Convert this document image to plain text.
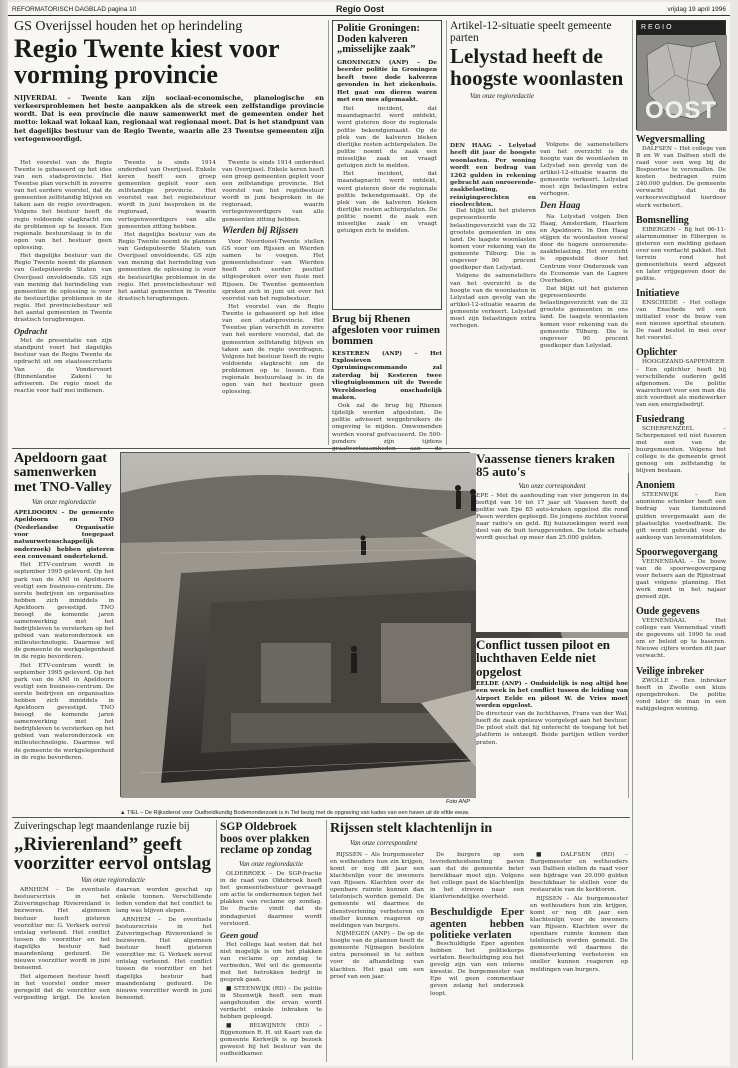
REFORMATORISCH DAGBLAD pagina 10	Regio Oost	vrijdag 19 april 1996
GS Overijssel houden het op herindeling
Regio Twente kiest voor vorming provincie
NIJVERDAL – Twente kan zijn sociaal-economische, planologische en verkeersproblemen het beste aanpakken als de streek een zelfstandige provincie wordt. Dat is een provincie die nauw samenwerkt met de gemeenten onder het motto: lokaal wat lokaal kan, regionaal wat regionaal moet. Dat is het standpunt van het dagelijks bestuur van de Regio Twente, waarin alle 23 Twentse gemeenten zijn vertegenwoordigd.

Het voorstel van de Regio Twente is gebaseerd op het idee van een stadsprovincie. Het Twentse plan verschilt in zoverre van het eerdere voorstel, dat de gemeenten zelfstandig blijven en taken aan de regio overdragen. Volgens het bestuur heeft de regio voldoende slagkracht om de problemen op te lossen. Een regionale bestuurslaag is in de ogen van het bestuur geen oplossing.

Het dagelijks bestuur van de Regio Twente noemt de plannen van Gedeputeerde Staten van Overijssel onvoldoende. GS zijn van mening dat herindeling van gemeenten de oplossing is voor de bestuurlijke problemen in de regio. Het provinciebestuur wil het aantal gemeenten in Twente drastisch terugbrengen.

Opdracht

Met de presentatie van zijn standpunt voert het dagelijks bestuur van de Regio Twente de opdracht uit om staatssecretaris Van de Vondervoort (Binnenlandse Zaken) te adviseren. De regio moet de reactie voor half mei indienen.

Twente is sinds 1914 onderdeel van Overijssel. Enkele keren heeft een groep gemeenten gepleit voor een zelfstandige provincie. Het voorstel van het regiobestuur wordt in juni besproken in de regioraad, waarin vertegenwoordigers van alle gemeenten zitting hebben.

Het dagelijks bestuur van de Regio Twente noemt de plannen van Gedeputeerde Staten van Overijssel onvoldoende. GS zijn van mening dat herindeling van gemeenten de oplossing is voor de bestuurlijke problemen in de regio. Het provinciebestuur wil het aantal gemeenten in Twente drastisch terugbrengen.

Twente is sinds 1914 onderdeel van Overijssel. Enkele keren heeft een groep gemeenten gepleit voor een zelfstandige provincie. Het voorstel van het regiobestuur wordt in juni besproken in de regioraad, waarin vertegenwoordigers van alle gemeenten zitting hebben.

Wierden bij Rijssen

Voor Noordoost-Twente stellen GS voor om Rijssen en Wierden samen te voegen. Het gemeentebestuur van Wierden heeft zich eerder positief uitgesproken over een fusie met Rijssen. De Twentse gemeenten spreken zich in juni uit over het voorstel van het regiobestuur.

Het voorstel van de Regio Twente is gebaseerd op het idee van een stadsprovincie. Het Twentse plan verschilt in zoverre van het eerdere voorstel, dat de gemeenten zelfstandig blijven en taken aan de regio overdragen. Volgens het bestuur heeft de regio voldoende slagkracht om de problemen op te lossen. Een regionale bestuurslaag is in de ogen van het bestuur geen oplossing.

Politie Groningen: Doden kalveren „misselijke zaak”
GRONINGEN (ANP) – De beerder politie in Groningen heeft twee dode kalveren gevonden in het ziekenhuis. Het gaat om dieren waren met een mes afgemaakt.

Het incident, dat maandagnacht werd ontdekt, werd gisteren door de regionale politie bekendgemaakt. Op de plek van de kalveren bleken dierlijke resten achtergelaten. De politie noemt de zaak een misselijke zaak en vraagt getuigen zich te melden.

Het incident, dat maandagnacht werd ontdekt, werd gisteren door de regionale politie bekendgemaakt. Op de plek van de kalveren bleken dierlijke resten achtergelaten. De politie noemt de zaak een misselijke zaak en vraagt getuigen zich te melden.

Brug bij Rhenen afgesloten voor ruimen bommen
KESTEREN (ANP) – Het Explosieven Opruimingscommando zal zaterdag bij Kesteren twee vliegtuigbommen uit de Tweede Wereldoorlog onschadelijk maken.

Ook zal de brug bij Rhenen tijdelijk worden afgesloten. De politie adviseert weggebruikers de omgeving te mijden. Omwonenden worden vooraf geëvacueerd. De 500-ponders zijn tijdens

Artikel-12-situatie speelt gemeente parten
Lelystad heeft de hoogste woonlasten
Van onze regioredactie
DEN HAAG – Lelystad heeft dit jaar de hoogste woonlasten. Per woning wordt een bedrag van 1262 gulden in rekening gebracht aan onroerende-zaakbelasting, reinigingsrechten en rioolrechten.

Dat blijkt uit het gisteren gepresenteerde belastingoverzicht van de 32 grootste gemeenten in ons land. De laagste woonlasten komen voor rekening van de gemeente Tilburg. Die is ongeveer 90 procent goedkoper dan Lelystad.

Volgens de samenstellers van het overzicht is de hoogte van de woonlasten in Lelystad een gevolg van de artikel-12-situatie waarin de gemeente verkeert. Lelystad moet zijn belastingen extra verhogen.

Volgens de samenstellers van het overzicht is de hoogte van de woonlasten in Lelystad een gevolg van de artikel-12-situatie waarin de gemeente verkeert. Lelystad moet zijn belastingen extra verhogen.

Den Haag

Na Lelystad volgen Den Haag, Amsterdam, Haarlem en Apeldoorn. In Den Haag stijgen de woonlasten vooral door de hogere onroerende-zaakbelasting. Het overzicht is opgesteld door het Centrum voor Onderzoek van de Economie van de Lagere Overheden.

Dat blijkt uit het gisteren gepresenteerde belastingoverzicht van de 32 grootste gemeenten in ons land. De laagste woonlasten komen voor rekening van de gemeente Tilburg. Die is ongeveer 90 procent goedkoper dan Lelystad.

REGIO
OOST
Wegversmalling

DALFSEN – Het college van B en W van Dalfsen stelt de raad voor een weg bij de Bospoortse te versmallen. De kosten bedragen ruim 240.000 gulden. De gemeente verwacht dat de verkeersveiligheid hierdoor sterk verbetert.

Bomsnelling

EIBERGEN – Bij het 06-11-alarmnummer in Eibergen is gisteren een melding gedaan over een verdacht pakket. Het terrein rond het gemeentehuis werd afgezet en later vrijgegeven door de politie.

Initiatieve

ENSCHEDE – Het college van Enschede wil een initiatief voor de bouw van een nieuwe sporthal steunen. De raad beslist in mei over het voorstel.

Oplichter

HOOGEZAND-SAPPEMEER – Een oplichter heeft bij verschillende ouderen geld afgenomen. De politie waarschuwt voor een man die zich voordoet als medewerker van een energiebedrijf.

Fusiedrang

SCHERPENZEEL – Scherpenzeel wil niet fuseren met een van de buurgemeenten. Volgens het college is de gemeente groot genoeg om zelfstandig te blijven bestaan.

Anoniem

STEENWIJK – Een anonieme schenker heeft een bedrag van tienduizend gulden overgemaakt aan de plaatselijke voedselbank. De gift wordt gebruikt voor de aankoop van levensmiddelen.

Spoorwegovergang

VEENENDAAL – De bouw van de spoorwegovergang voor fietsers aan de Rijnstraat gaat volgens planning. Het werk moet in het najaar gereed zijn.

Oude gegevens

VEENENDAAL – Het college van Veenendaal vindt de gegevens uit 1990 te oud om er beleid op te baseren. Nieuwe cijfers worden dit jaar verwacht.

Veilige inbreker

ZWOLLE – Een inbreker heeft in Zwolle een kluis opengebroken. De politie vond later de man in een nabijgelegen woning.

Apeldoorn gaat samenwerken met TNO-Valley
Van onze regioredactie
APELDOORN – De gemeente Apeldoorn en TNO (Nederlandse Organisatie voor toegepast natuurwetenschappelijk onderzoek) hebben gisteren een convenant ondertekend.

Het ETV-centrum wordt in september 1995 geleverd. Op het park van de ANI in Apeldoorn vestigt een business-centrum. De eerste bedrijven en organisaties hebben zich inmiddels in Apeldoorn gevestigd. TNO beoogt de komende jaren samenwerking met het bedrijfsleven te versterken op het gebied van wateronderzoek en milieutechnologie. Daarmee wil de gemeente de werkgelegenheid in de regio bevorderen.

Het ETV-centrum wordt in september 1995 geleverd. Op het park van de ANI in Apeldoorn vestigt een business-centrum. De eerste bedrijven en organisaties hebben zich inmiddels in Apeldoorn gevestigd. TNO beoogt de komende jaren samenwerking met het bedrijfsleven te versterken op het gebied van wateronderzoek en milieutechnologie. Daarmee wil de gemeente de werkgelegenheid in de regio bevorderen.

▲ TIEL – De Rijksdienst voor Oudheidkundig Bodemonderzoek is in Tiel bezig met de opgraving van kades van een haven uit de elfde eeuw.
Foto ANP
Zuiveringschap legt maandenlange ruzie bij
„Rivierenland” geeft voorzitter eervol ontslag
Van onze regioredactie

ARNHEM – De eventuele bestuurscrisis in het Zuiveringschap Rivierenland is bezworen. Het algemeen bestuur heeft gisteren voorzitter mr. G. Verkerk eervol ontslag verleend. Het conflict tussen de voorzitter en het dagelijks bestuur had maandenlang geduurd. De nieuwe voorzitter wordt in juni benoemd.

Het algemeen bestuur heeft in het voorstel onder meer geregeld dat de voorzitter een vergoeding krijgt. De kosten daarvan worden geschat op enkele tonnen. Verschillende leden vonden dat het conflict te lang was blijven slepen.

ARNHEM – De eventuele bestuurscrisis in het Zuiveringschap Rivierenland is bezworen. Het algemeen bestuur heeft gisteren voorzitter mr. G. Verkerk eervol ontslag verleend. Het conflict tussen de voorzitter en het dagelijks bestuur had maandenlang geduurd. De nieuwe voorzitter wordt in juni benoemd.

SGP Oldebroek boos over plakken reclame op zondag
Van onze regioredactie

OLDEBROEK – De SGP-fractie in de raad van Oldebroek heeft het gemeentebestuur gevraagd om actie te ondernemen tegen het plakken van reclame op zondag. De fractie vindt dat de zondagsrust daarmee wordt verstoord.

Geen goud

Het college laat weten dat het niet mogelijk is om het plakken van reclame op zondag te verbieden. Wel wil de gemeente met het betrokken bedrijf in gesprek gaan.

■ STEENWIJK (RD) – De politie in Steenwijk heeft een man aangehouden die ervan wordt verdacht enkele inbraken te hebben gepleegd.

■ BELWIJNEN (RD) – Bijgenomen R. H. uit Kaart van de gemeente Kerkwijk is op bezoek geweest bij het bestuur van de oudheidkamer.

Rijssen stelt klachtenlijn in
Van onze correspondent

RIJSSEN – Als burgemeester en wethouders hun zin krijgen, komt er nog dit jaar een klachtenlijn voor de inwoners van Rijssen. Klachten over de openbare ruimte kunnen dan telefonisch worden gemeld. De gemeente wil daarmee de dienstverlening verbeteren en sneller kunnen reageren op meldingen van burgers.

NIJMEGEN (ANP) – De op de hoogte van de plannen heeft de gemeente Nijmegen besloten extra personeel in te zetten voor de afhandeling van klachten. Het gaat om een proef van een jaar.

De burgers op een tevredenheidsmeting gaven aan dat de gemeente beter bereikbaar moet zijn. Volgens het college past de klachtenlijn in het streven naar een klantvriendelijke overheid.

Beschuldigde Eper agenten hebben politieke verlaten

Beschuldigde Eper agenten hebben het politiekorps verlaten. Beschuldiging zou het gevolg zijn van een interne kwestie. De burgemeester van Epe wil geen commentaar geven zolang het onderzoek loopt.

■ DALFSEN (RD) – Burgemeester en wethouders van Dalfsen stellen de raad voor een bijdrage van 20.000 gulden beschikbaar te stellen voor de restauratie van de kerktoren.

RIJSSEN – Als burgemeester en wethouders hun zin krijgen, komt er nog dit jaar een klachtenlijn voor de inwoners van Rijssen. Klachten over de openbare ruimte kunnen dan telefonisch worden gemeld. De gemeente wil daarmee de dienstverlening verbeteren en sneller kunnen reageren op meldingen van burgers.

Vaassense tieners kraken 85 auto's
Van onze correspondent
EPE – Met de aanhouding van vier jongeren in de leeftijd van 16 tot 17 jaar uit Vaassen heeft de politie van Epe 85 auto-kraken opgelost die rond Pasen werden gepleegd. De jongens zochten vooral naar radio's en geld. Bij huiszoekingen werd een deel van de buit teruggevonden. De totale schade wordt geschat op meer dan 25.000 gulden.
Conflict tussen piloot en luchthaven Eelde niet opgelost
EELDE (ANP) – Onduidelijk is nog altijd hoe een week in het conflict tussen de leiding van Airport Eelde en piloot W. de Vries moet worden opgelost.
De directeur van de luchthaven, Frans van der Wal, heeft de zaak opnieuw voorgelegd aan het bestuur. De piloot stelt dat hij onterecht de toegang tot het platform is ontzegd. Beide partijen willen verder praten.
